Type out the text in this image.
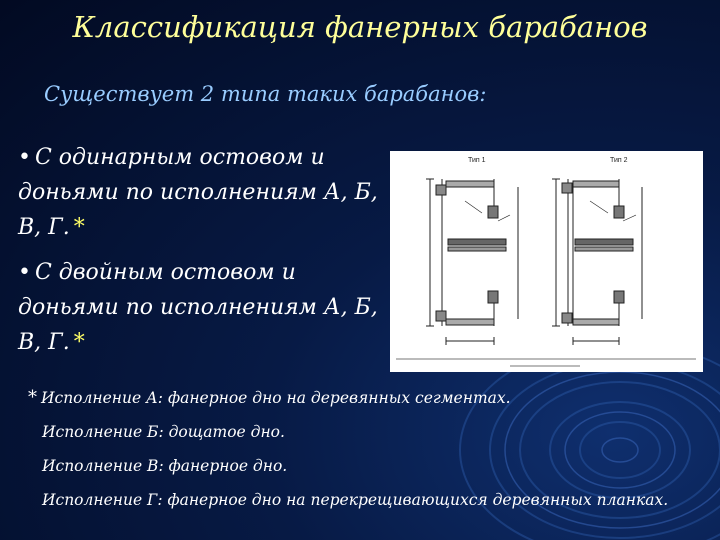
Классификация фанерных барабанов
Существует 2 типа таких барабанов:
• С одинарным остовом и доньями по исполнениям А, Б, В, Г. *
• С двойным остовом и доньями по исполнениям А, Б, В, Г. *
Тип 1	Тип 2
* Исполнение А: фанерное дно на деревянных сегментах.
Исполнение Б: дощатое дно.
Исполнение В: фанерное дно.
Исполнение Г: фанерное дно на перекрещивающихся деревянных планках.
